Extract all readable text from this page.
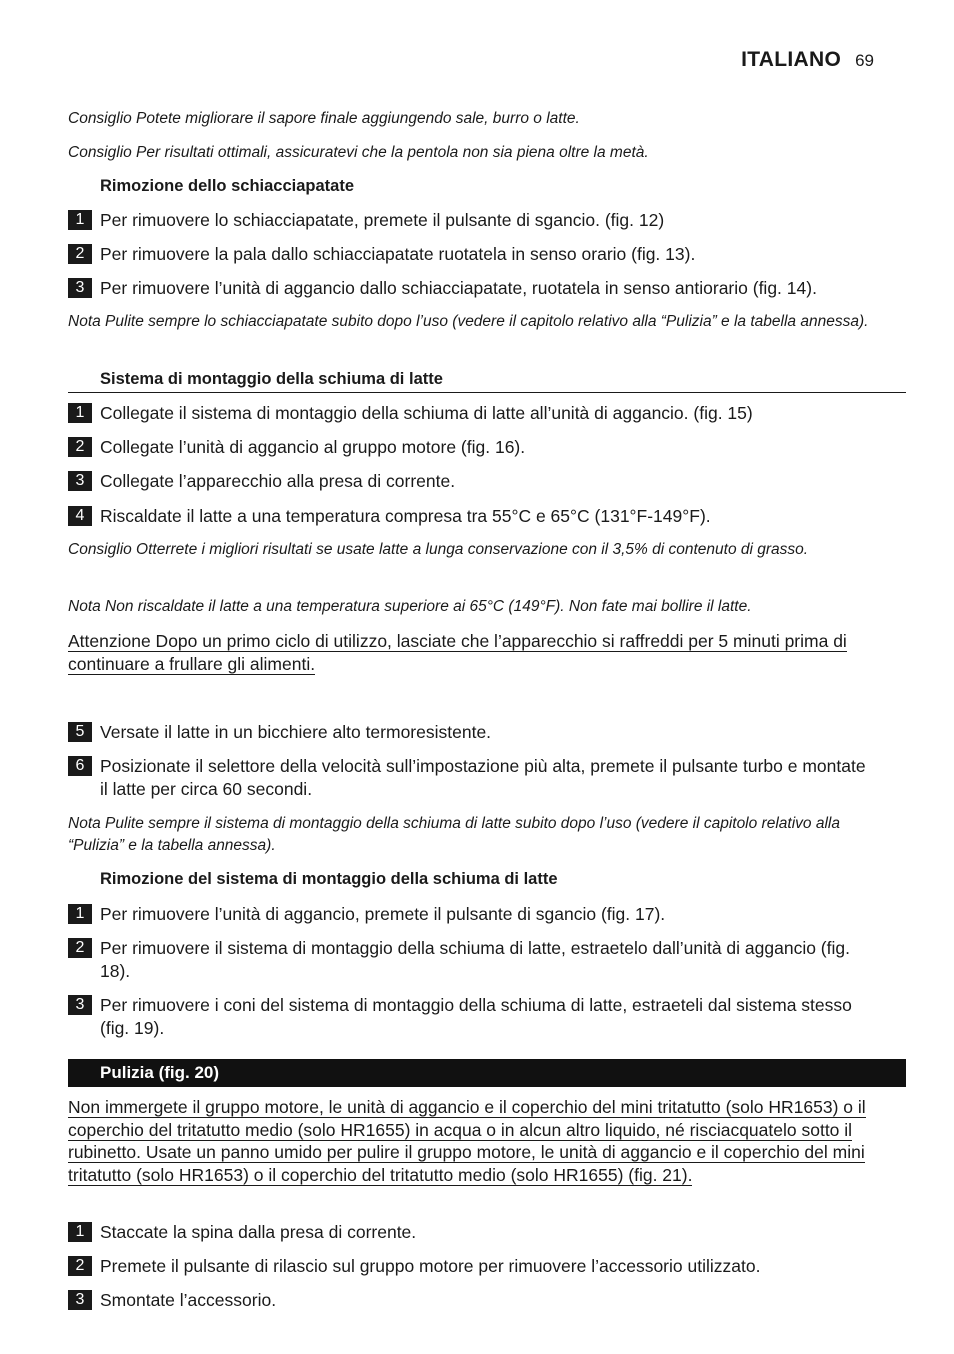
ITALIANO 69

Consiglio Potete migliorare il sapore finale aggiungendo sale, burro o latte.

Consiglio Per risultati ottimali, assicuratevi che la pentola non sia piena oltre la metà.

Rimozione dello schiacciapatate

1 Per rimuovere lo schiacciapatate, premete il pulsante di sgancio. (fig. 12)
2 Per rimuovere la pala dallo schiacciapatate ruotatela in senso orario (fig. 13).
3 Per rimuovere l’unità di aggancio dallo schiacciapatate, ruotatela in senso antiorario (fig. 14).

Nota Pulite sempre lo schiacciapatate subito dopo l’uso (vedere il capitolo relativo alla “Pulizia” e la tabella annessa).

Sistema di montaggio della schiuma di latte

1 Collegate il sistema di montaggio della schiuma di latte all’unità di aggancio. (fig. 15)
2 Collegate l’unità di aggancio al gruppo motore (fig. 16).
3 Collegate l’apparecchio alla presa di corrente.
4 Riscaldate il latte a una temperatura compresa tra 55°C e 65°C (131°F-149°F).

Consiglio Otterrete i migliori risultati se usate latte a lunga conservazione con il 3,5% di contenuto di grasso.

Nota Non riscaldate il latte a una temperatura superiore ai 65°C (149°F). Non fate mai bollire il latte.

Attenzione Dopo un primo ciclo di utilizzo, lasciate che l’apparecchio si raffreddi per 5 minuti prima di continuare a frullare gli alimenti.

5 Versate il latte in un bicchiere alto termoresistente.
6 Posizionate il selettore della velocità sull’impostazione più alta, premete il pulsante turbo e montate il latte per circa 60 secondi.

Nota Pulite sempre il sistema di montaggio della schiuma di latte subito dopo l’uso (vedere il capitolo relativo alla “Pulizia” e la tabella annessa).

Rimozione del sistema di montaggio della schiuma di latte

1 Per rimuovere l’unità di aggancio, premete il pulsante di sgancio (fig. 17).
2 Per rimuovere il sistema di montaggio della schiuma di latte, estraetelo dall’unità di aggancio (fig. 18).
3 Per rimuovere i coni del sistema di montaggio della schiuma di latte, estraeteli dal sistema stesso (fig. 19).

Pulizia (fig. 20)

Non immergete il gruppo motore, le unità di aggancio e il coperchio del mini tritatutto (solo HR1653) o il coperchio del tritatutto medio (solo HR1655) in acqua o in alcun altro liquido, né risciacquatelo sotto il rubinetto. Usate un panno umido per pulire il gruppo motore, le unità di aggancio e il coperchio del mini tritatutto (solo HR1653) o il coperchio del tritatutto medio (solo HR1655) (fig. 21).

1 Staccate la spina dalla presa di corrente.
2 Premete il pulsante di rilascio sul gruppo motore per rimuovere l’accessorio utilizzato.
3 Smontate l’accessorio.
